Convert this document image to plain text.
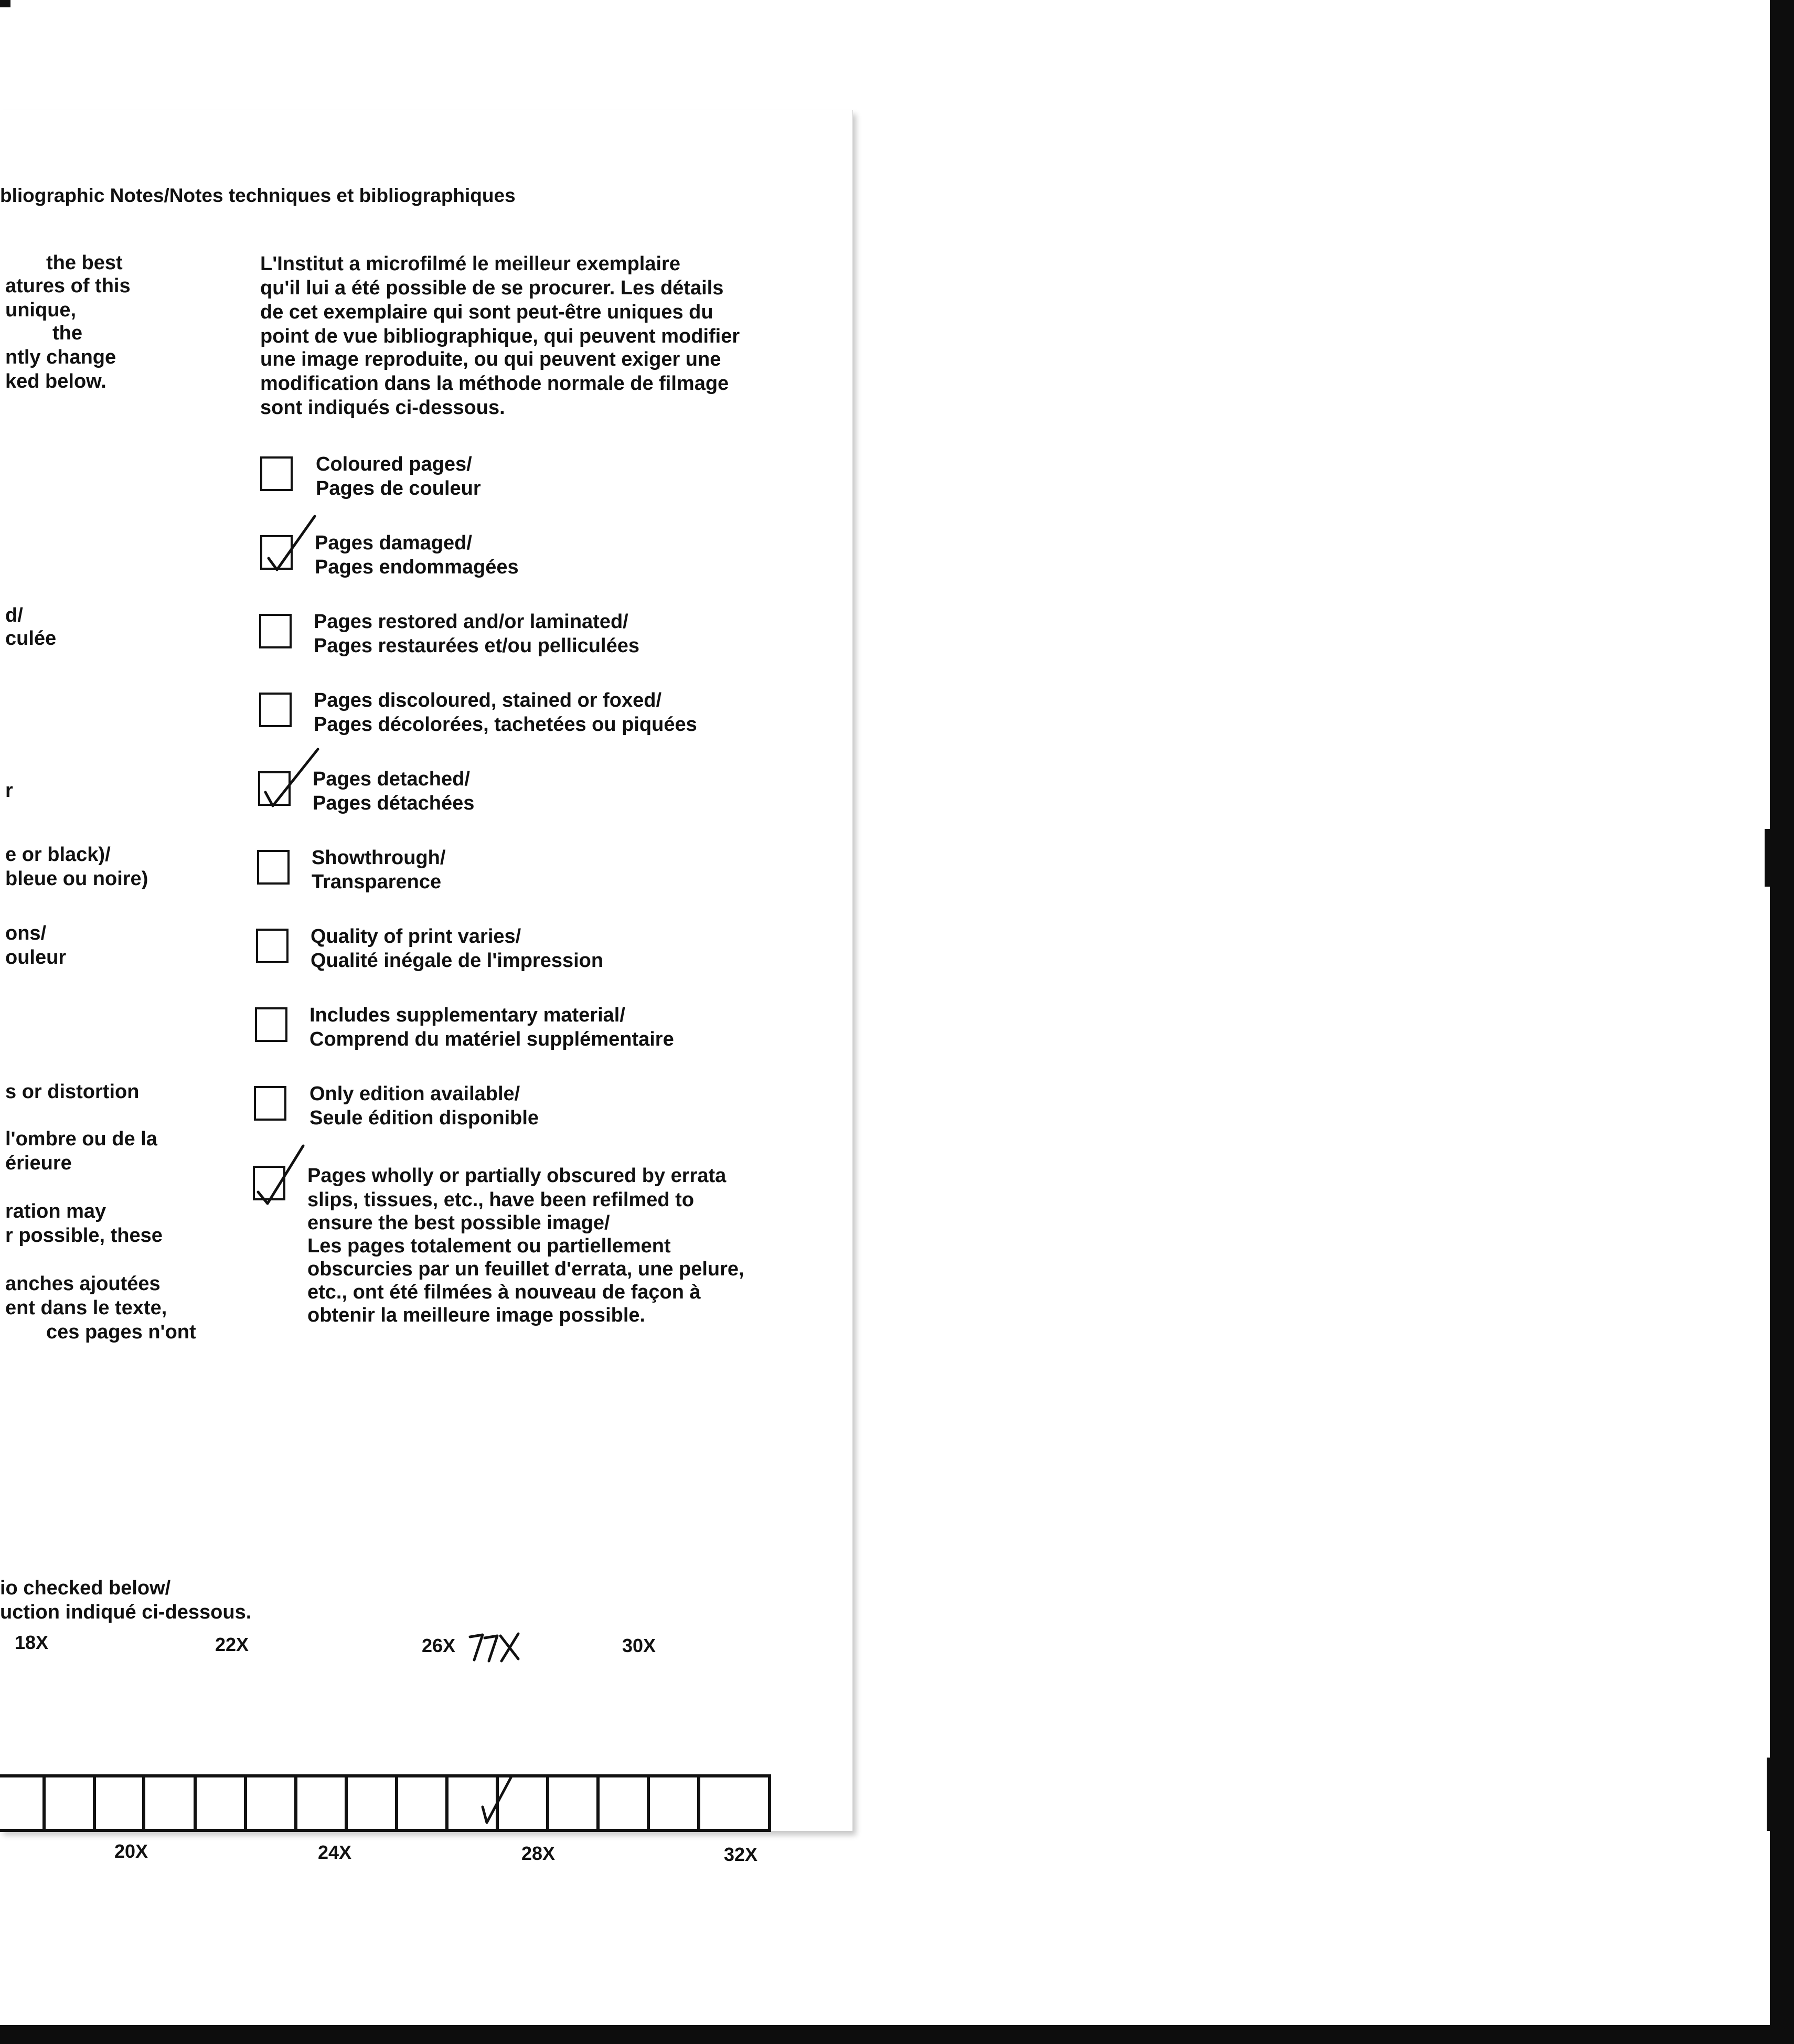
bliographic Notes/Notes techniques et bibliographiques
the best
atures of this
unique,
the
ntly change
ked below.
d/
culée
r
e or black)/
bleue ou noire)
ons/
ouleur
s or distortion
l'ombre ou de la
érieure
ration may
r possible, these
anches ajoutées
ent dans le texte,
ces pages n'ont
L'Institut a microfilmé le meilleur exemplaire
qu'il lui a été possible de se procurer. Les détails
de cet exemplaire qui sont peut-être uniques du
point de vue bibliographique, qui peuvent modifier
une image reproduite, ou qui peuvent exiger une
modification dans la méthode normale de filmage
sont indiqués ci-dessous.
Coloured pages/
Pages de couleur
Pages damaged/
Pages endommagées
Pages restored and/or laminated/
Pages restaurées et/ou pelliculées
Pages discoloured, stained or foxed/
Pages décolorées, tachetées ou piquées
Pages detached/
Pages détachées
Showthrough/
Transparence
Quality of print varies/
Qualité inégale de l'impression
Includes supplementary material/
Comprend du matériel supplémentaire
Only edition available/
Seule édition disponible
Pages wholly or partially obscured by errata
slips, tissues, etc., have been refilmed to
ensure the best possible image/
Les pages totalement ou partiellement
obscurcies par un feuillet d'errata, une pelure,
etc., ont été filmées à nouveau de façon à
obtenir la meilleure image possible.
io checked below/
uction indiqué ci-dessous.
18X	22X	26X	30X
20X	24X	28X	32X
